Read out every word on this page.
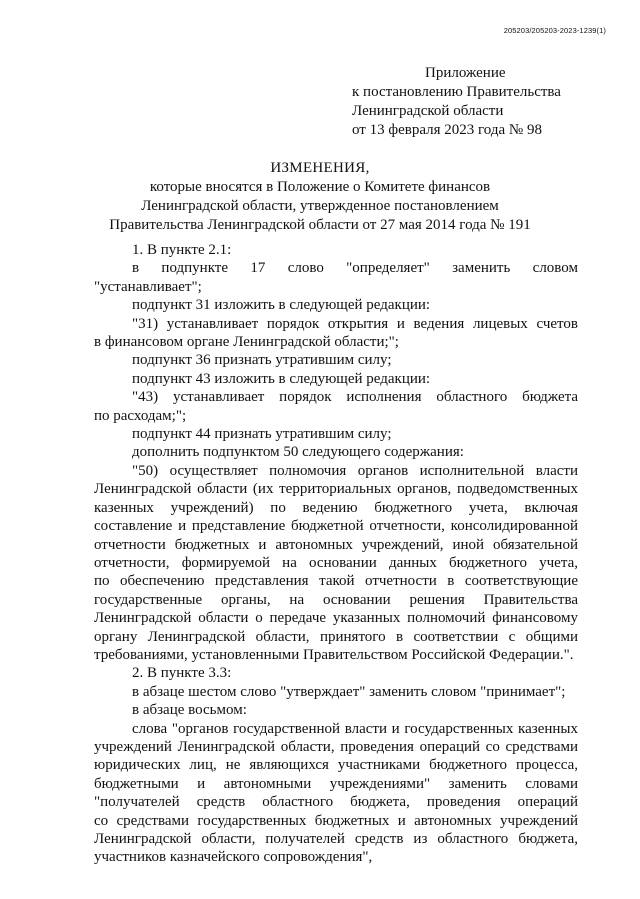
205203/205203-2023-1239(1)
Приложение
к постановлению Правительства
Ленинградской области
от 13 февраля 2023 года № 98
ИЗМЕНЕНИЯ,
которые вносятся в Положение о Комитете финансов
Ленинградской области, утвержденное постановлением
Правительства Ленинградской области от 27 мая 2014 года № 191
1. В пункте 2.1:
в подпункте 17 слово "определяет" заменить словом
"устанавливает";
подпункт 31 изложить в следующей редакции:
"31) устанавливает порядок открытия и ведения лицевых счетов
в финансовом органе Ленинградской области;";
подпункт 36 признать утратившим силу;
подпункт 43 изложить в следующей редакции:
"43) устанавливает порядок исполнения областного бюджета
по расходам;";
подпункт 44 признать утратившим силу;
дополнить подпунктом 50 следующего содержания:
"50) осуществляет полномочия органов исполнительной власти
Ленинградской области (их территориальных органов, подведомственных
казенных учреждений) по ведению бюджетного учета, включая
составление и представление бюджетной отчетности, консолидированной
отчетности бюджетных и автономных учреждений, иной обязательной
отчетности, формируемой на основании данных бюджетного учета,
по обеспечению представления такой отчетности в соответствующие
государственные органы, на основании решения Правительства
Ленинградской области о передаче указанных полномочий финансовому
органу Ленинградской области, принятого в соответствии с общими
требованиями, установленными Правительством Российской Федерации.".
2. В пункте 3.3:
в абзаце шестом слово "утверждает" заменить словом "принимает";
в абзаце восьмом:
слова "органов государственной власти и государственных казенных
учреждений Ленинградской области, проведения операций со средствами
юридических лиц, не являющихся участниками бюджетного процесса,
бюджетными и автономными учреждениями" заменить словами
"получателей средств областного бюджета, проведения операций
со средствами государственных бюджетных и автономных учреждений
Ленинградской области, получателей средств из областного бюджета,
участников казначейского сопровождения",
